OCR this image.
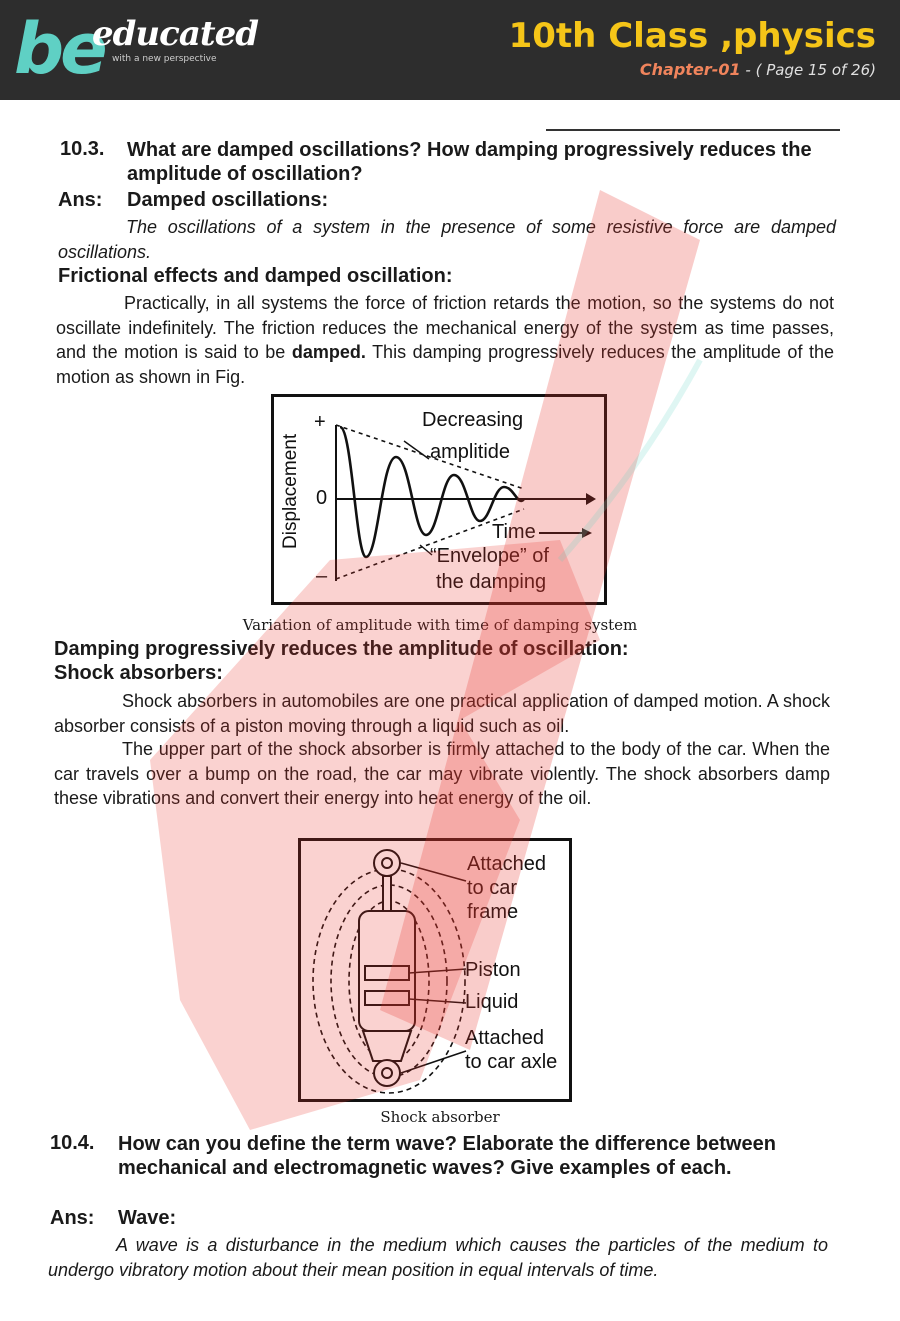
be
educated
with a new perspective
10th Class ,physics
Chapter-01 - ( Page 15 of 26)
10.3. What are damped oscillations? How damping progressively reduces the amplitude of oscillation?
Ans: Damped oscillations:
The oscillations of a system in the presence of some resistive force are damped oscillations.
Frictional effects and damped oscillation:
Practically, in all systems the force of friction retards the motion, so the systems do not oscillate indefinitely. The friction reduces the mechanical energy of the system as time passes, and the motion is said to be damped. This damping progressively reduces the amplitude of the motion as shown in Fig.
Displacement
+
0
–
Decreasing
amplitide
Time
“Envelope” of
the damping
Variation of amplitude with time of damping system
Damping progressively reduces the amplitude of oscillation:
Shock absorbers:
Shock absorbers in automobiles are one practical application of damped motion. A shock absorber consists of a piston moving through a liquid such as oil.
The upper part of the shock absorber is firmly attached to the body of the car. When the car travels over a bump on the road, the car may vibrate violently. The shock absorbers damp these vibrations and convert their energy into heat energy of the oil.
Attached
to car
frame
Piston
Liquid
Attached
to car axle
Shock absorber
10.4. How can you define the term wave? Elaborate the difference between mechanical and electromagnetic waves? Give examples of each.
Ans: Wave:
A wave is a disturbance in the medium which causes the particles of the medium to undergo vibratory motion about their mean position in equal intervals of time.
